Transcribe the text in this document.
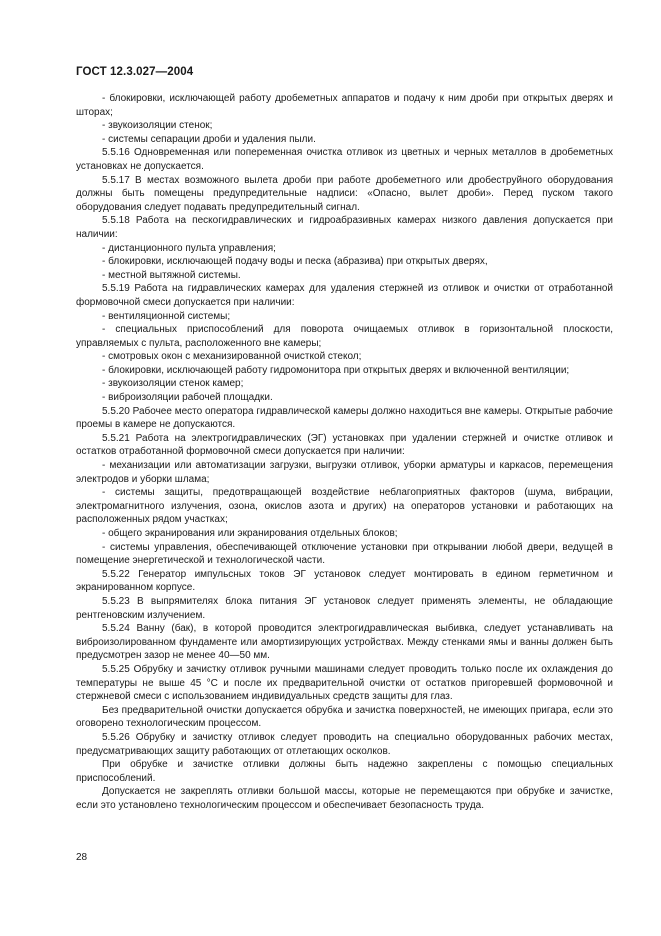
ГОСТ 12.3.027—2004

- блокировки, исключающей работу дробеметных аппаратов и подачу к ним дроби при открытых дверях и шторах;

- звукоизоляции стенок;

- системы сепарации дроби и удаления пыли.

5.5.16 Одновременная или попеременная очистка отливок из цветных и черных металлов в дробеметных установках не допускается.

5.5.17 В местах возможного вылета дроби при работе дробеметного или дробеструйного оборудования должны быть помещены предупредительные надписи: «Опасно, вылет дроби». Перед пуском такого оборудования следует подавать предупредительный сигнал.

5.5.18 Работа на пескогидравлических и гидроабразивных камерах низкого давления допускается при наличии:

- дистанционного пульта управления;

- блокировки, исключающей подачу воды и песка (абразива) при открытых дверях,

- местной вытяжной системы.

5.5.19 Работа на гидравлических камерах для удаления стержней из отливок и очистки от отработанной формовочной смеси допускается при наличии:

- вентиляционной системы;

- специальных приспособлений для поворота очищаемых отливок в горизонтальной плоскости, управляемых с пульта, расположенного вне камеры;

- смотровых окон с механизированной очисткой стекол;

- блокировки, исключающей работу гидромонитора при открытых дверях и включенной вентиляции;

- звукоизоляции стенок камер;

- виброизоляции рабочей площадки.

5.5.20 Рабочее место оператора гидравлической камеры должно находиться вне камеры. Открытые рабочие проемы в камере не допускаются.

5.5.21 Работа на электрогидравлических (ЭГ) установках при удалении стержней и очистке отливок и остатков отработанной формовочной смеси допускается при наличии:

- механизации или автоматизации загрузки, выгрузки отливок, уборки арматуры и каркасов, перемещения электродов и уборки шлама;

- системы защиты, предотвращающей воздействие неблагоприятных факторов (шума, вибрации, электромагнитного излучения, озона, окислов азота и других) на операторов установки и работающих на расположенных рядом участках;

- общего экранирования или экранирования отдельных блоков;

- системы управления, обеспечивающей отключение установки при открывании любой двери, ведущей в помещение энергетической и технологической части.

5.5.22 Генератор импульсных токов ЭГ установок следует монтировать в едином герметичном и экранированном корпусе.

5.5.23 В выпрямителях блока питания ЭГ установок следует применять элементы, не обладающие рентгеновским излучением.

5.5.24 Ванну (бак), в которой проводится электрогидравлическая выбивка, следует устанавливать на виброизолированном фундаменте или амортизирующих устройствах. Между стенками ямы и ванны должен быть предусмотрен зазор не менее 40—50 мм.

5.5.25 Обрубку и зачистку отливок ручными машинами следует проводить только после их охлаждения до температуры не выше 45 °С и после их предварительной очистки от остатков пригоревшей формовочной и стержневой смеси с использованием индивидуальных средств защиты для глаз.

Без предварительной очистки допускается обрубка и зачистка поверхностей, не имеющих пригара, если это оговорено технологическим процессом.

5.5.26 Обрубку и зачистку отливок следует проводить на специально оборудованных рабочих местах, предусматривающих защиту работающих от отлетающих осколков.

При обрубке и зачистке отливки должны быть надежно закреплены с помощью специальных приспособлений.

Допускается не закреплять отливки большой массы, которые не перемещаются при обрубке и зачистке, если это установлено технологическим процессом и обеспечивает безопасность труда.

28
